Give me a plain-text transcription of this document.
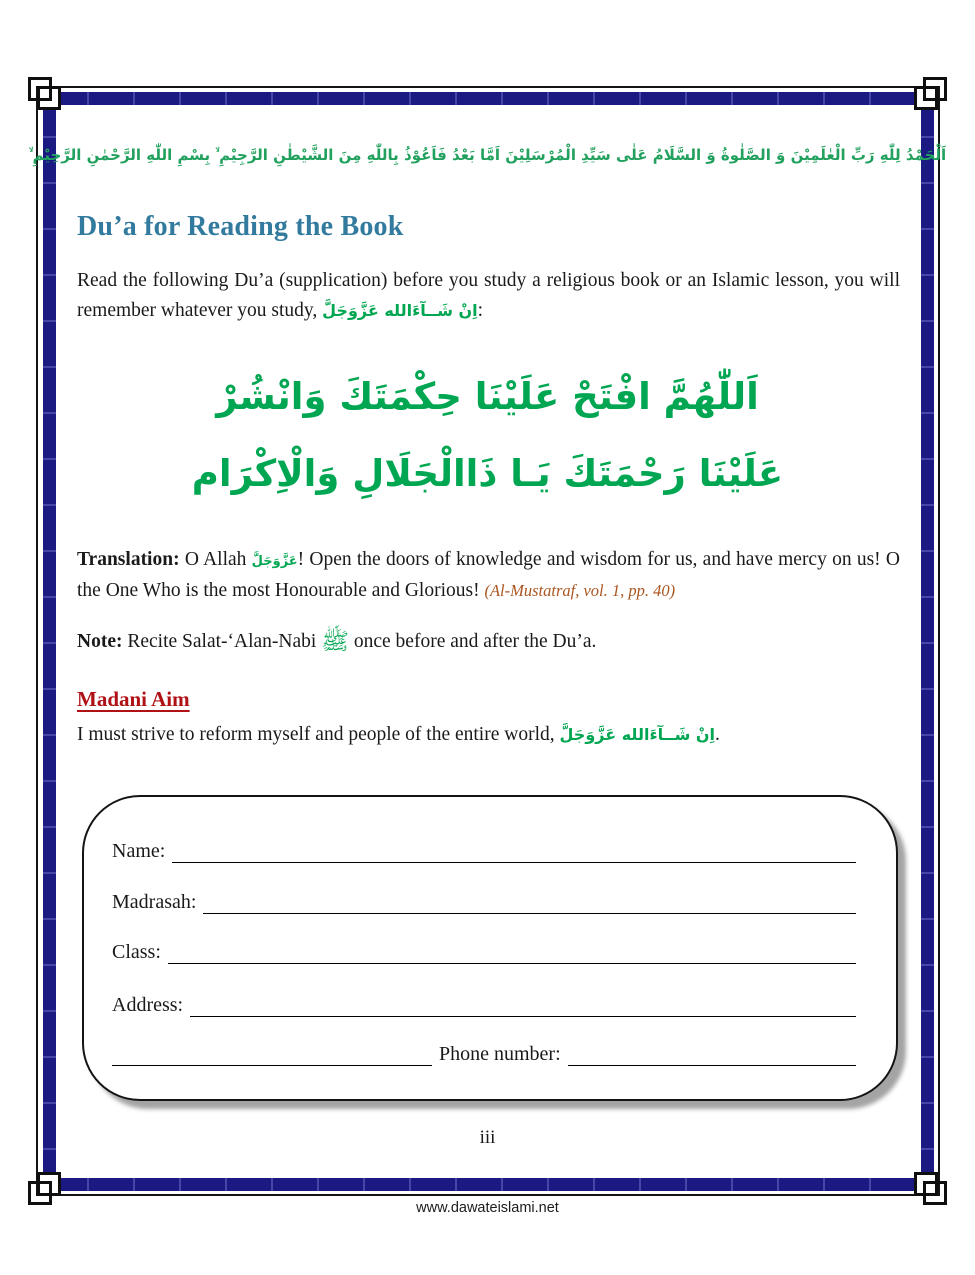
اَلْحَمْدُ لِلّٰهِ رَبِّ الْعٰلَمِيْنَ وَ الصَّلٰوةُ وَ السَّلَامُ عَلٰى سَيِّدِ الْمُرْسَلِيْنَ اَمَّا بَعْدُ فَاَعُوْذُ بِاللّٰهِ مِنَ الشَّيْطٰنِ الرَّجِيْمِ ۙ بِسْمِ اللّٰهِ الرَّحْمٰنِ الرَّحِيْمِ ۙ
Du’a for Reading the Book

Read the following Du’a (supplication) before you study a religious book or an Islamic lesson, you will remember whatever you study, اِنْ شَــآءَالله عَزَّوَجَلَّ:

اَللّٰهُمَّ افْتَحْ عَلَيْنَا حِكْمَتَكَ وَانْشُرْ
عَلَيْنَا رَحْمَتَكَ يَـا ذَاالْجَلَالِ وَالْاِكْرَام

Translation: O Allah عَزَّوَجَلَّ! Open the doors of knowledge and wisdom for us, and have mercy on us! O the One Who is the most Honourable and Glorious! (Al-Mustatraf, vol. 1, pp. 40)

Note: Recite Salat-‘Alan-Nabi ﷺ once before and after the Du’a.

Madani Aim

I must strive to reform myself and people of the entire world, اِنْ شَــآءَالله عَزَّوَجَلَّ.

Name:
Madrasah:
Class:
Address:
Phone number:
iii
www.dawateislami.net
